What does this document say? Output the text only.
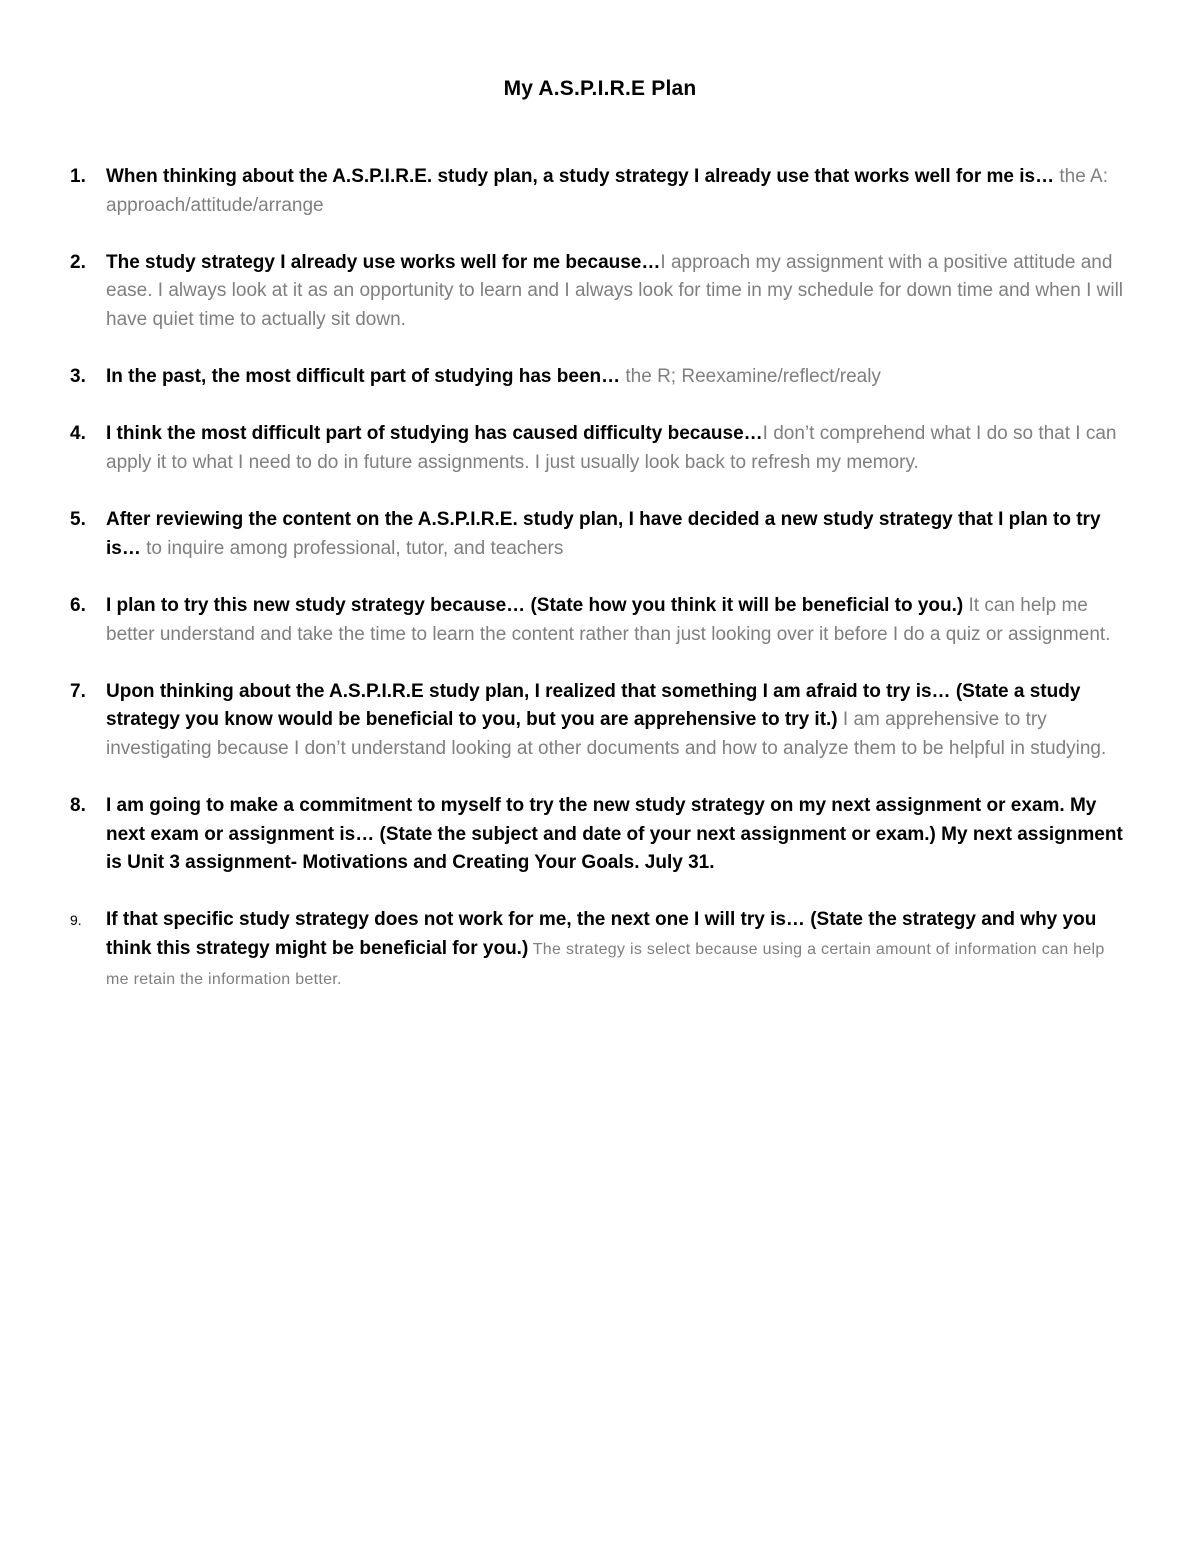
My A.S.P.I.R.E Plan
1. When thinking about the A.S.P.I.R.E. study plan, a study strategy I already use that works well for me is… the A: approach/attitude/arrange
2. The study strategy I already use works well for me because…I approach my assignment with a positive attitude and ease. I always look at it as an opportunity to learn and I always look for time in my schedule for down time and when I will have quiet time to actually sit down.
3. In the past, the most difficult part of studying has been… the R; Reexamine/reflect/realy
4. I think the most difficult part of studying has caused difficulty because…I don’t comprehend what I do so that I can apply it to what I need to do in future assignments. I just usually look back to refresh my memory.
5. After reviewing the content on the A.S.P.I.R.E. study plan, I have decided a new study strategy that I plan to try is… to inquire among professional, tutor, and teachers
6. I plan to try this new study strategy because… (State how you think it will be beneficial to you.) It can help me better understand and take the time to learn the content rather than just looking over it before I do a quiz or assignment.
7. Upon thinking about the A.S.P.I.R.E study plan, I realized that something I am afraid to try is… (State a study strategy you know would be beneficial to you, but you are apprehensive to try it.) I am apprehensive to try investigating because I don’t understand looking at other documents and how to analyze them to be helpful in studying.
8. I am going to make a commitment to myself to try the new study strategy on my next assignment or exam. My next exam or assignment is… (State the subject and date of your next assignment or exam.) My next assignment is Unit 3 assignment- Motivations and Creating Your Goals. July 31.
9. If that specific study strategy does not work for me, the next one I will try is… (State the strategy and why you think this strategy might be beneficial for you.) The strategy is select because using a certain amount of information can help me retain the information better.
